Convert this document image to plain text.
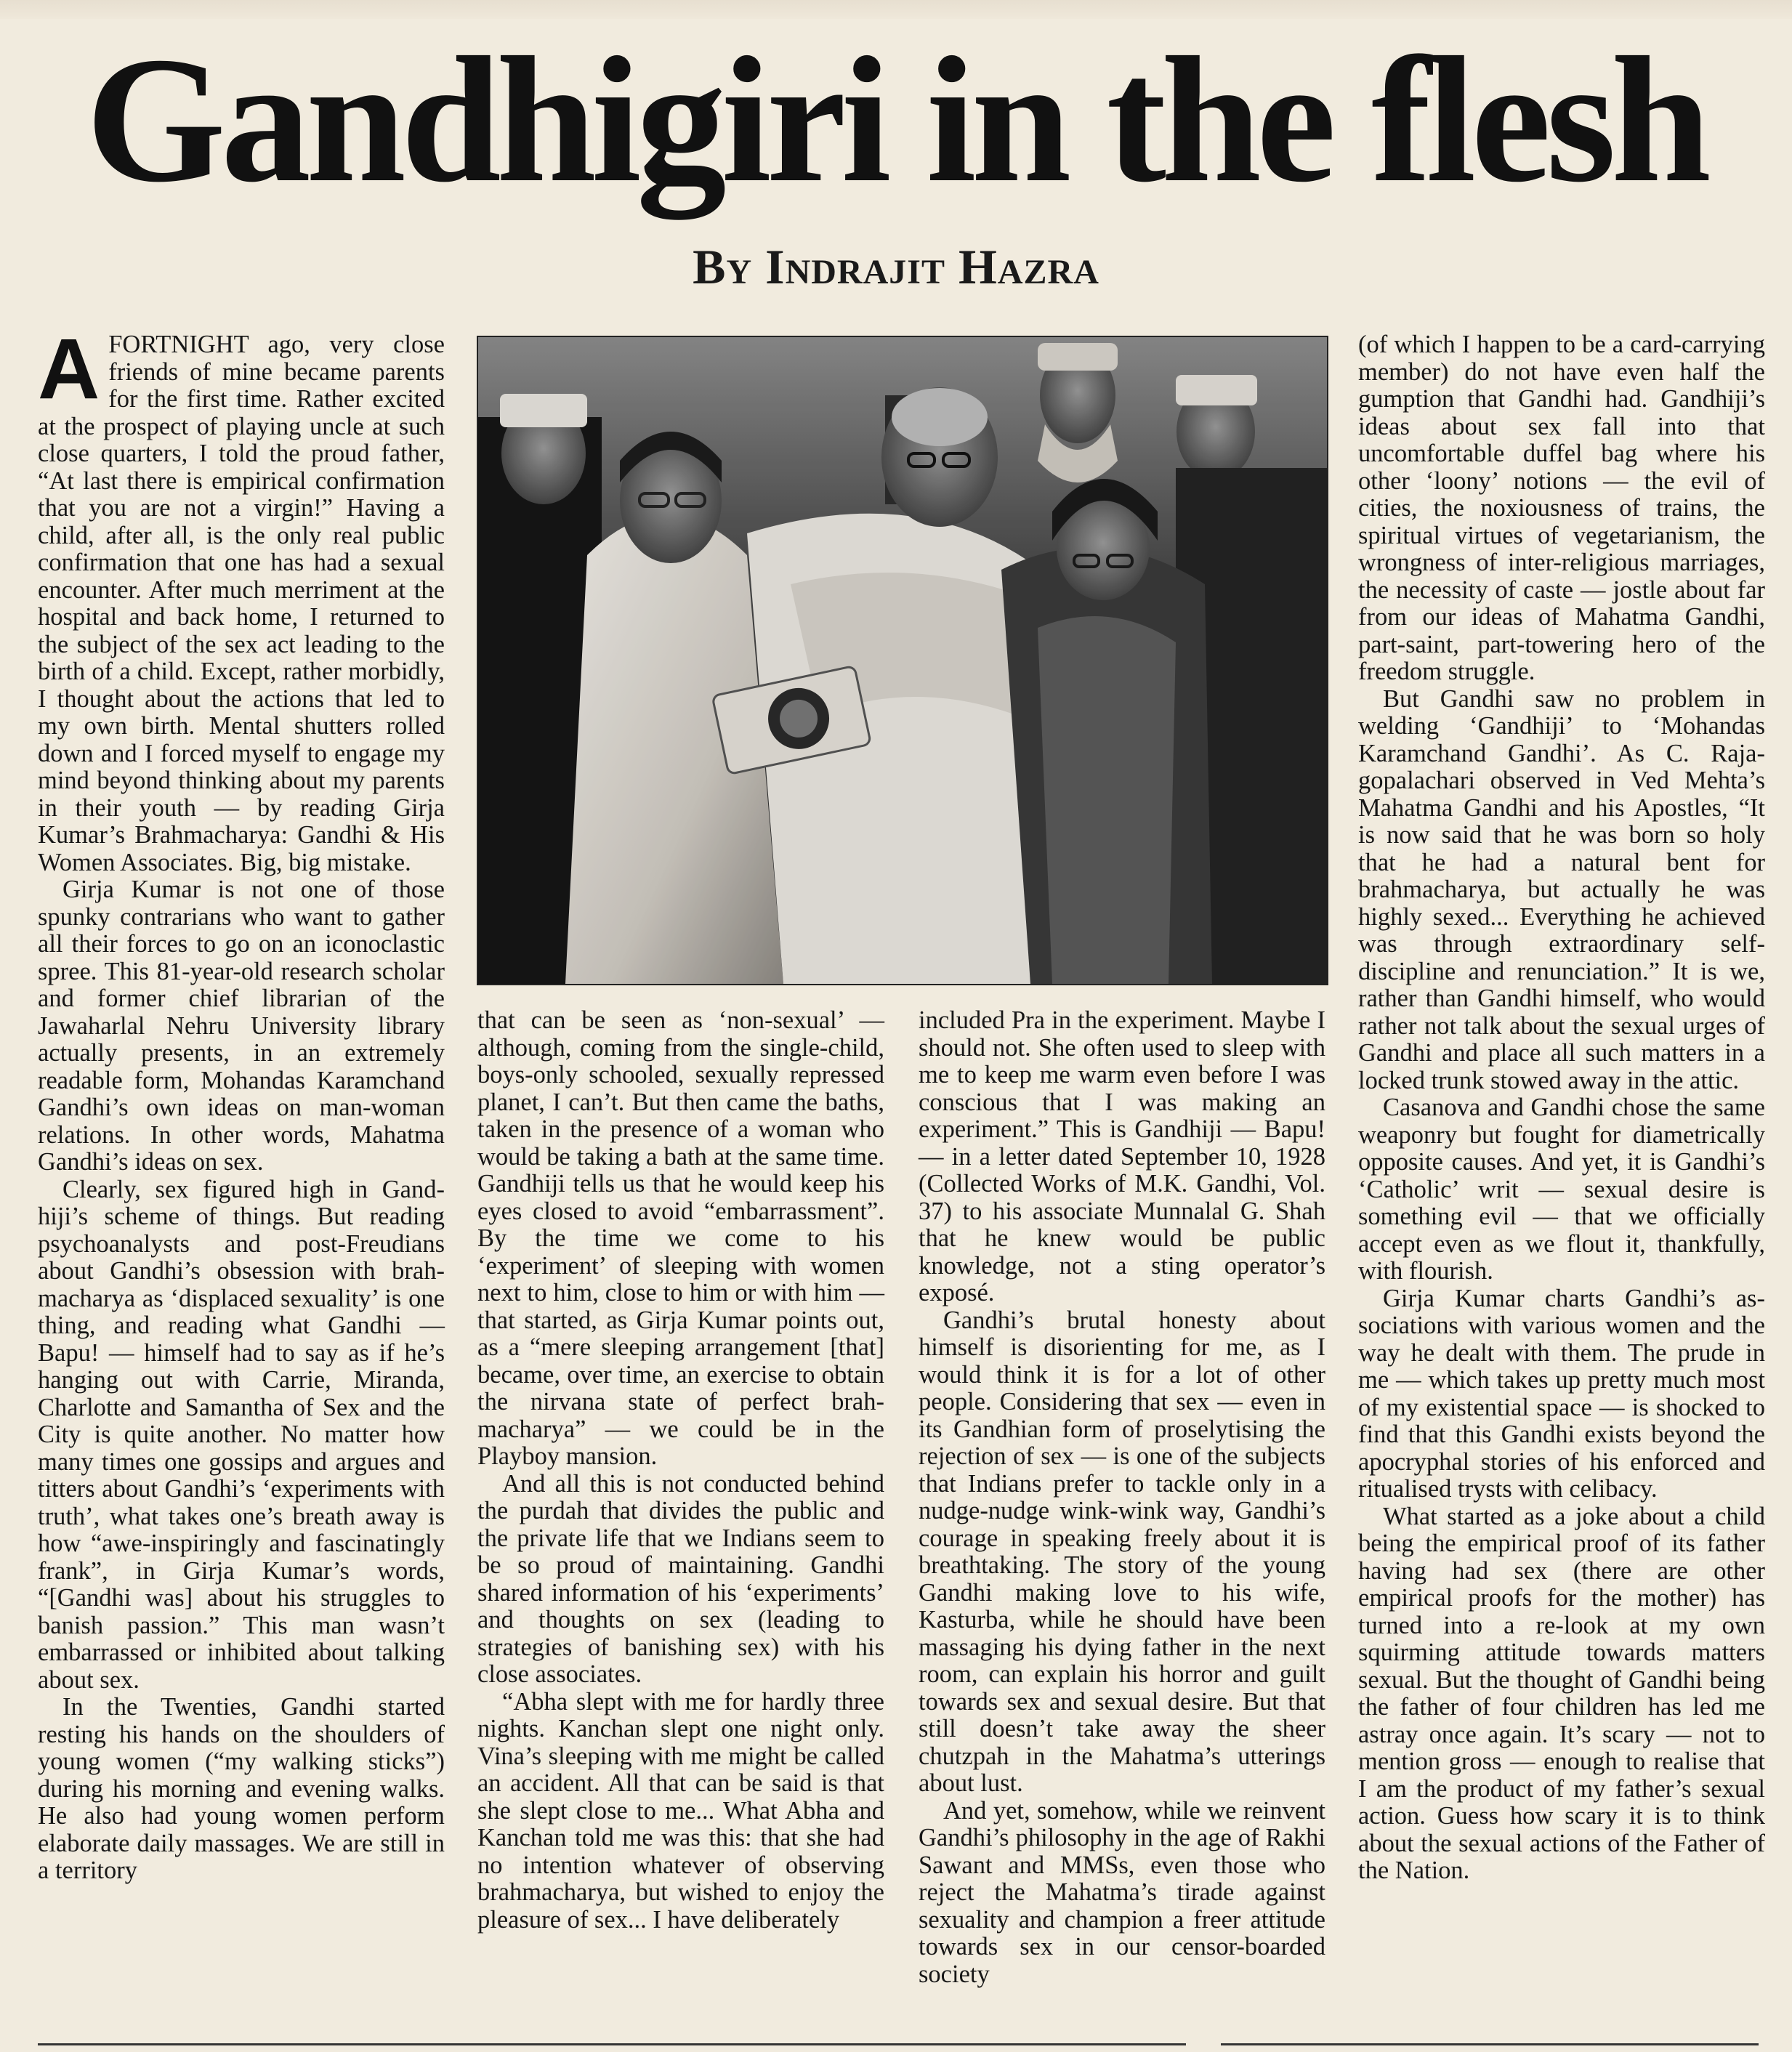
Gandhigiri in the flesh
By Indrajit Hazra

AFORTNIGHT ago, very close friends of mine became parents for the first time. Rather excited at the prospect of playing uncle at such close quarters, I told the proud father, “At last there is empirical confirmation that you are not a virgin!” Having a child, after all, is the only real public confirmation that one has had a sexual encounter. After much merriment at the hospital and back home, I returned to the subject of the sex act leading to the birth of a child. Except, rather morbidly, I thought about the actions that led to my own birth. Mental shutters rolled down and I forced myself to engage my mind beyond thinking about my parents in their youth — by reading Girja Kumar’s Brahmacharya: Gandhi & His Women Associates. Big, big mistake.

Girja Kumar is not one of those spunky contrarians who want to gather all their forces to go on an iconoclastic spree. This 81-year-old research scholar and former chief librarian of the Jawaharlal Nehru University library actually presents, in an extremely readable form, Mohandas Karamchand Gandhi’s own ideas on man-woman relations. In other words, Mahatma Gandhi’s ideas on sex.

Clearly, sex figured high in Gandhiji’s scheme of things. But reading psychoanalysts and post-Freudians about Gandhi’s obsession with brahmacharya as ‘displaced sexuality’ is one thing, and reading what Gandhi — Bapu! — himself had to say as if he’s hanging out with Carrie, Miranda, Charlotte and Samantha of Sex and the City is quite another. No matter how many times one gossips and argues and titters about Gandhi’s ‘experiments with truth’, what takes one’s breath away is how “awe-inspiringly and fascinatingly frank”, in Girja Kumar’s words, “[Gandhi was] about his struggles to banish passion.” This man wasn’t embarrassed or inhibited about talking about sex.

In the Twenties, Gandhi started resting his hands on the shoulders of young women (“my walking sticks”) during his morning and evening walks. He also had young women perform elaborate daily massages. We are still in a territory

that can be seen as ‘non-sexual’ — although, coming from the single-child, boys-only schooled, sexually repressed planet, I can’t. But then came the baths, taken in the presence of a woman who would be taking a bath at the same time. Gandhiji tells us that he would keep his eyes closed to avoid “embarrassment”. By the time we come to his ‘experiment’ of sleeping with women next to him, close to him or with him — that started, as Girja Kumar points out, as a “mere sleeping arrangement [that] became, over time, an exercise to obtain the nirvana state of perfect brahmacharya” — we could be in the Playboy mansion.

And all this is not conducted behind the purdah that divides the public and the private life that we Indians seem to be so proud of maintaining. Gandhi shared information of his ‘experiments’ and thoughts on sex (leading to strategies of banishing sex) with his close associates.

“Abha slept with me for hardly three nights. Kanchan slept one night only. Vina’s sleeping with me might be called an accident. All that can be said is that she slept close to me... What Abha and Kanchan told me was this: that she had no intention whatever of observing brahmacharya, but wished to enjoy the pleasure of sex... I have deliberately

included Pra in the experiment. Maybe I should not. She often used to sleep with me to keep me warm even before I was conscious that I was making an experiment.” This is Gandhiji — Bapu! — in a letter dated September 10, 1928 (Collected Works of M.K. Gandhi, Vol. 37) to his associate Munnalal G. Shah that he knew would be public knowledge, not a sting operator’s exposé.

Gandhi’s brutal honesty about himself is disorienting for me, as I would think it is for a lot of other people. Considering that sex — even in its Gandhian form of proselytising the rejection of sex — is one of the subjects that Indians prefer to tackle only in a nudge-nudge wink-wink way, Gandhi’s courage in speaking freely about it is breathtaking. The story of the young Gandhi making love to his wife, Kasturba, while he should have been massaging his dying father in the next room, can explain his horror and guilt towards sex and sexual desire. But that still doesn’t take away the sheer chutzpah in the Mahatma’s utterings about lust.

And yet, somehow, while we reinvent Gandhi’s philosophy in the age of Rakhi Sawant and MMSs, even those who reject the Mahatma’s tirade against sexuality and champion a freer attitude towards sex in our censor-boarded society

(of which I happen to be a card-carrying member) do not have even half the gumption that Gandhi had. Gandhiji’s ideas about sex fall into that uncomfortable duffel bag where his other ‘loony’ notions — the evil of cities, the noxiousness of trains, the spiritual virtues of vegetarianism, the wrongness of inter-religious marriages, the necessity of caste — jostle about far from our ideas of Mahatma Gandhi, part-saint, part-towering hero of the freedom struggle.

But Gandhi saw no problem in welding ‘Gandhiji’ to ‘Mohandas Karamchand Gandhi’. As C. Rajagopalachari observed in Ved Mehta’s Mahatma Gandhi and his Apostles, “It is now said that he was born so holy that he had a natural bent for brahmacharya, but actually he was highly sexed... Everything he achieved was through extraordinary self-discipline and renunciation.” It is we, rather than Gandhi himself, who would rather not talk about the sexual urges of Gandhi and place all such matters in a locked trunk stowed away in the attic.

Casanova and Gandhi chose the same weaponry but fought for diametrically opposite causes. And yet, it is Gandhi’s ‘Catholic’ writ — sexual desire is something evil — that we officially accept even as we flout it, thankfully, with flourish.

Girja Kumar charts Gandhi’s associations with various women and the way he dealt with them. The prude in me — which takes up pretty much most of my existential space — is shocked to find that this Gandhi exists beyond the apocryphal stories of his enforced and ritualised trysts with celibacy.

What started as a joke about a child being the empirical proof of its father having had sex (there are other empirical proofs for the mother) has turned into a re-look at my own squirming attitude towards matters sexual. But the thought of Gandhi being the father of four children has led me astray once again. It’s scary — not to mention gross — enough to realise that I am the product of my father’s sexual action. Guess how scary it is to think about the sexual actions of the Father of the Nation.
